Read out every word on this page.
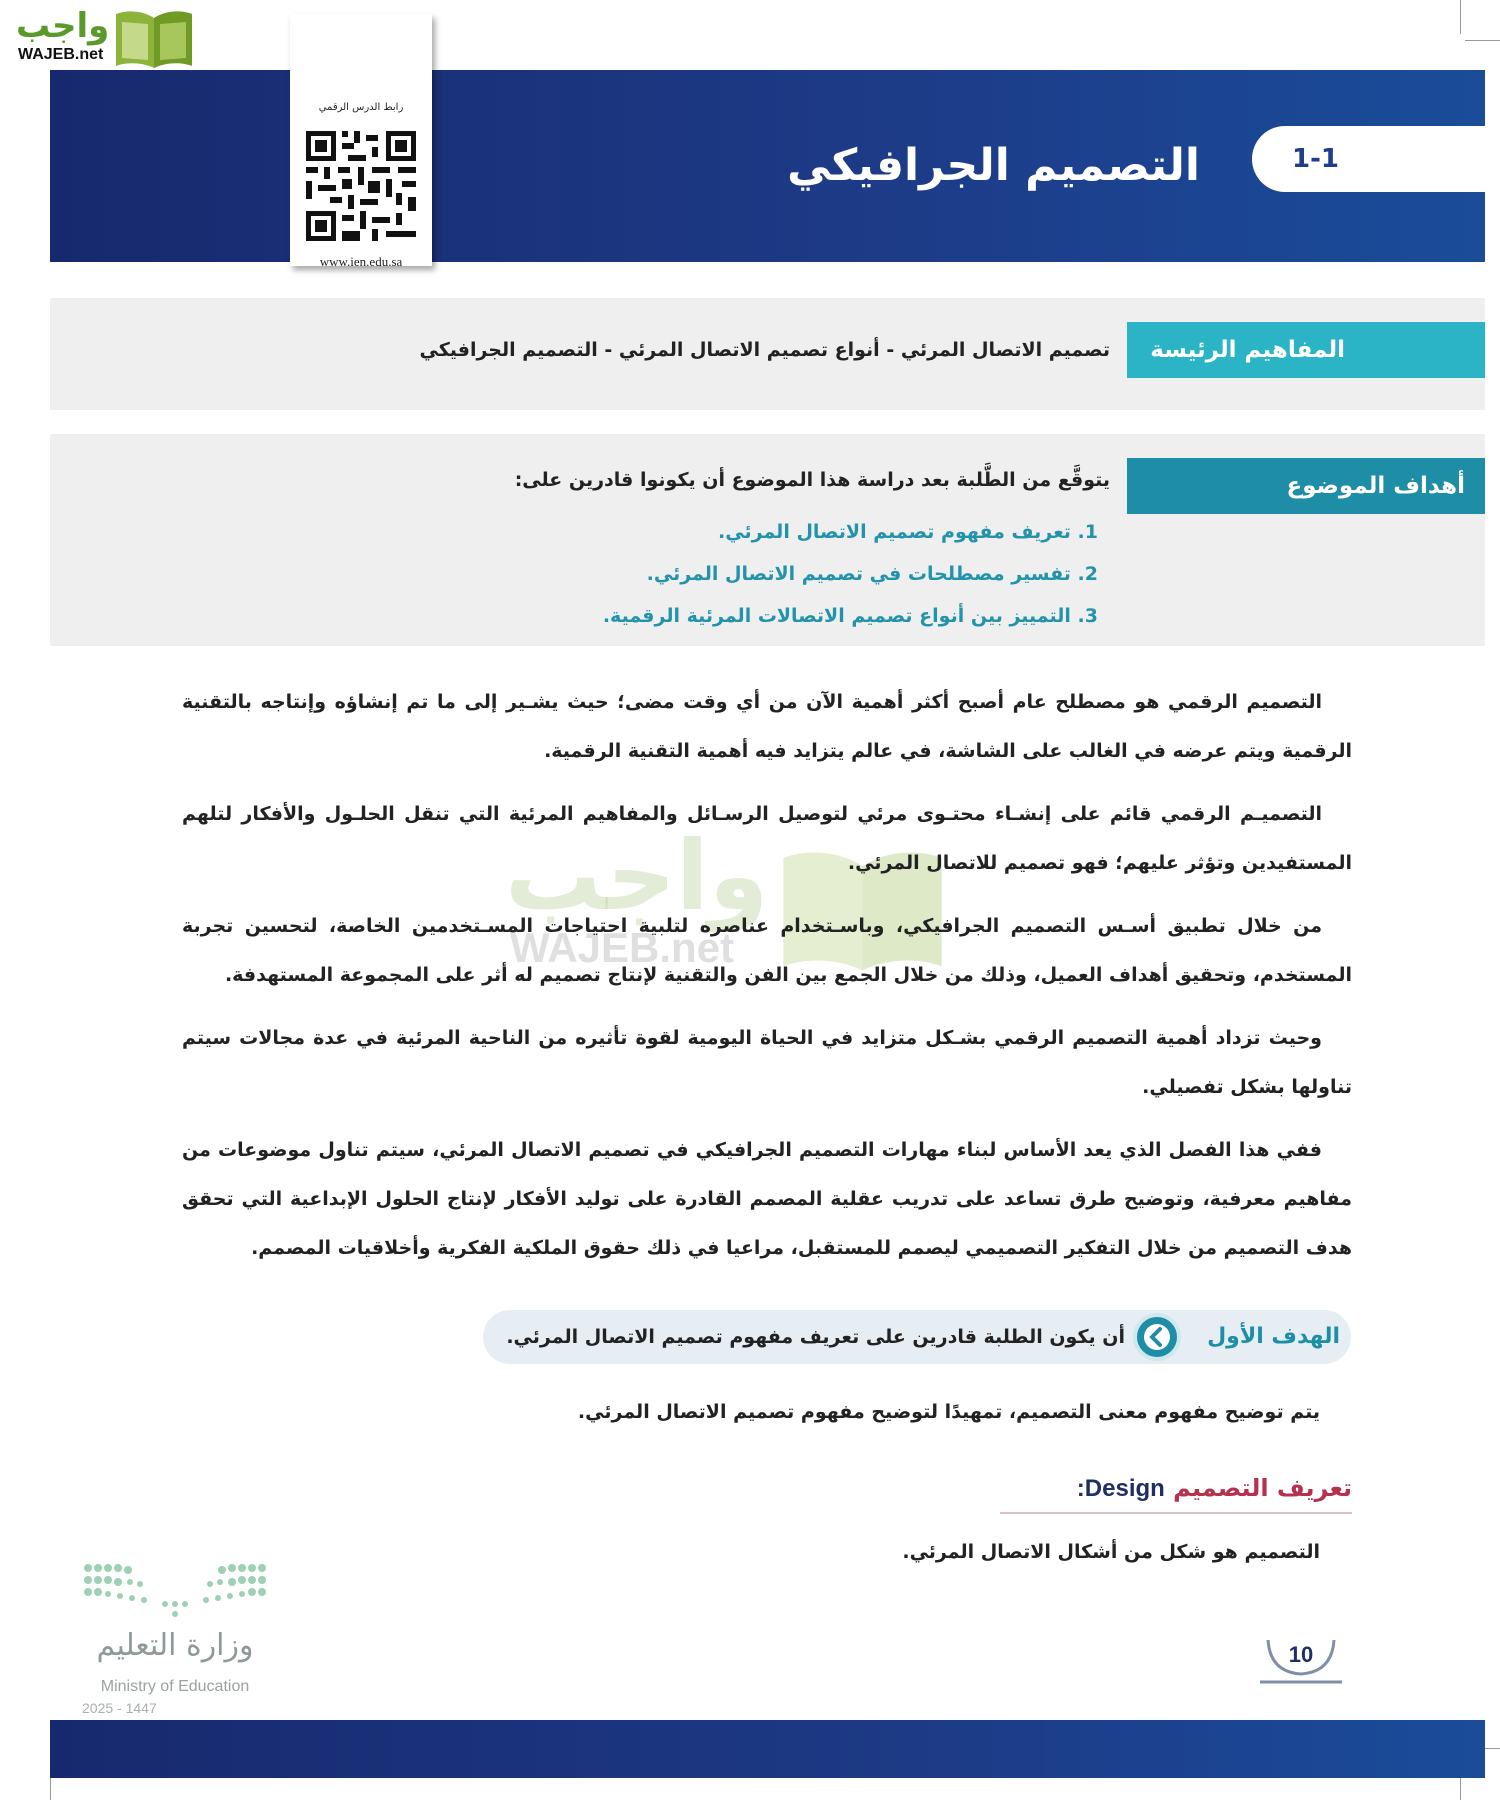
1-1
التصميم الجرافيكي
واجب
WAJEB.net
رابط الدرس الرقمي
www.ien.edu.sa
المفاهيم الرئيسة
تصميم الاتصال المرئي - أنواع تصميم الاتصال المرئي - التصميم الجرافيكي
أهداف الموضوع
يتوقَّع من الطَّلبة بعد دراسة هذا الموضوع أن يكونوا قادرين على:
1. تعريف مفهوم تصميم الاتصال المرئي.
2. تفسير مصطلحات في تصميم الاتصال المرئي.
3. التمييز بين أنواع تصميم الاتصالات المرئية الرقمية.
واجب
WAJEB.net
التصميم الرقمي هو مصطلح عام أصبح أكثر أهمية الآن من أي وقت مضى؛ حيث يشـير إلى ما تم إنشاؤه وإنتاجه بالتقنية الرقمية ويتم عرضه في الغالب على الشاشة، في عالم يتزايد فيه أهمية التقنية الرقمية.
التصميـم الرقمي قائم على إنشـاء محتـوى مرئي لتوصيل الرسـائل والمفاهيم المرئية التي تنقل الحلـول والأفكار لتلهم المستفيدين وتؤثر عليهم؛ فهو تصميم للاتصال المرئي.
من خلال تطبيق أسـس التصميم الجرافيكي، وباسـتخدام عناصره لتلبية احتياجات المسـتخدمين الخاصة، لتحسين تجربة المستخدم، وتحقيق أهداف العميل، وذلك من خلال الجمع بين الفن والتقنية لإنتاج تصميم له أثر على المجموعة المستهدفة.
وحيث تزداد أهمية التصميم الرقمي بشـكل متزايد في الحياة اليومية لقوة تأثيره من الناحية المرئية في عدة مجالات سيتم تناولها بشكل تفصيلي.
ففي هذا الفصل الذي يعد الأساس لبناء مهارات التصميم الجرافيكي في تصميم الاتصال المرئي، سيتم تناول موضوعات من مفاهيم معرفية، وتوضيح طرق تساعد على تدريب عقلية المصمم القادرة على توليد الأفكار لإنتاج الحلول الإبداعية التي تحقق هدف التصميم من خلال التفكير التصميمي ليصمم للمستقبل، مراعيا في ذلك حقوق الملكية الفكرية وأخلاقيات المصمم.
الهدف الأول
أن يكون الطلبة قادرين على تعريف مفهوم تصميم الاتصال المرئي.
يتم توضيح مفهوم معنى التصميم، تمهيدًا لتوضيح مفهوم تصميم الاتصال المرئي.
تعريف التصميم Design:
التصميم هو شكل من أشكال الاتصال المرئي.
وزارة التعليم
Ministry of Education
2025 - 1447
10
